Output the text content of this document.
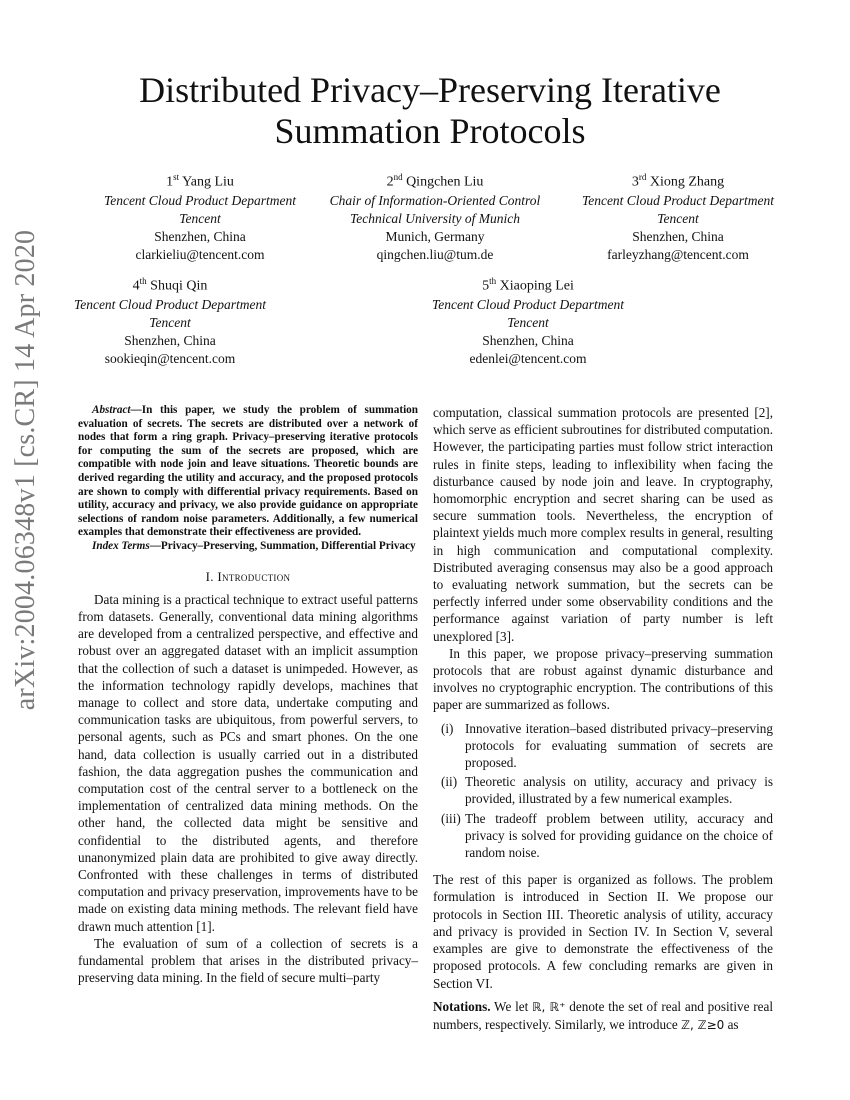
arXiv:2004.06348v1 [cs.CR] 14 Apr 2020
Distributed Privacy–Preserving Iterative Summation Protocols
1st Yang Liu
Tencent Cloud Product Department
Tencent
Shenzhen, China
clarkieliu@tencent.com
2nd Qingchen Liu
Chair of Information-Oriented Control
Technical University of Munich
Munich, Germany
qingchen.liu@tum.de
3rd Xiong Zhang
Tencent Cloud Product Department
Tencent
Shenzhen, China
farleyzhang@tencent.com
4th Shuqi Qin
Tencent Cloud Product Department
Tencent
Shenzhen, China
sookieqin@tencent.com
5th Xiaoping Lei
Tencent Cloud Product Department
Tencent
Shenzhen, China
edenlei@tencent.com

Abstract—In this paper, we study the problem of summation evaluation of secrets. The secrets are distributed over a network of nodes that form a ring graph. Privacy–preserving iterative protocols for computing the sum of the secrets are proposed, which are compatible with node join and leave situations. Theoretic bounds are derived regarding the utility and accuracy, and the proposed protocols are shown to comply with differential privacy requirements. Based on utility, accuracy and privacy, we also provide guidance on appropriate selections of random noise parameters. Additionally, a few numerical examples that demonstrate their effectiveness are provided.

Index Terms—Privacy–Preserving, Summation, Differential Privacy

I. Introduction

Data mining is a practical technique to extract useful patterns from datasets. Generally, conventional data mining algorithms are developed from a centralized perspective, and effective and robust over an aggregated dataset with an implicit assumption that the collection of such a dataset is unimpeded. However, as the information technology rapidly develops, machines that manage to collect and store data, undertake computing and communication tasks are ubiquitous, from powerful servers, to personal agents, such as PCs and smart phones. On the one hand, data collection is usually carried out in a distributed fashion, the data aggregation pushes the communication and computation cost of the central server to a bottleneck on the implementation of centralized data mining methods. On the other hand, the collected data might be sensitive and confidential to the distributed agents, and therefore unanonymized plain data are prohibited to give away directly. Confronted with these challenges in terms of distributed computation and privacy preservation, improvements have to be made on existing data mining methods. The relevant field have drawn much attention [1].

The evaluation of sum of a collection of secrets is a fundamental problem that arises in the distributed privacy–preserving data mining. In the field of secure multi–party

computation, classical summation protocols are presented [2], which serve as efficient subroutines for distributed computation. However, the participating parties must follow strict interaction rules in finite steps, leading to inflexibility when facing the disturbance caused by node join and leave. In cryptography, homomorphic encryption and secret sharing can be used as secure summation tools. Nevertheless, the encryption of plaintext yields much more complex results in general, resulting in high communication and computational complexity. Distributed averaging consensus may also be a good approach to evaluating network summation, but the secrets can be perfectly inferred under some observability conditions and the performance against variation of party number is left unexplored [3].

In this paper, we propose privacy–preserving summation protocols that are robust against dynamic disturbance and involves no cryptographic encryption. The contributions of this paper are summarized as follows.

(i) Innovative iteration–based distributed privacy–preserving protocols for evaluating summation of secrets are proposed.
(ii) Theoretic analysis on utility, accuracy and privacy is provided, illustrated by a few numerical examples.
(iii) The tradeoff problem between utility, accuracy and privacy is solved for providing guidance on the choice of random noise.

The rest of this paper is organized as follows. The problem formulation is introduced in Section II. We propose our protocols in Section III. Theoretic analysis of utility, accuracy and privacy is provided in Section IV. In Section V, several examples are give to demonstrate the effectiveness of the proposed protocols. A few concluding remarks are given in Section VI.

Notations. We let ℝ, ℝ⁺ denote the set of real and positive real numbers, respectively. Similarly, we introduce ℤ, ℤ≥0 as
